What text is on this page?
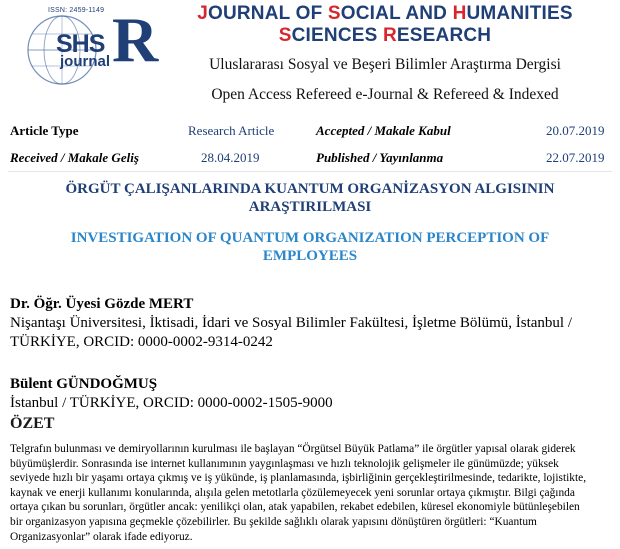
ISSN: 2459-1149
SHS
journal R	JOURNAL OF SOCIAL AND HUMANITIES
SCIENCES RESEARCH
Uluslararası Sosyal ve Beşeri Bilimler Araştırma Dergisi
Open Access Refereed e-Journal & Refereed & Indexed
Article Type	Research Article	Accepted / Makale Kabul	20.07.2019
Received / Makale Geliş	28.04.2019	Published / Yayınlanma	22.07.2019
ÖRGÜT ÇALIŞANLARINDA KUANTUM ORGANİZASYON ALGISININ
ARAŞTIRILMASI
INVESTIGATION OF QUANTUM ORGANIZATION PERCEPTION OF
EMPLOYEES
Dr. Öğr. Üyesi Gözde MERT
Nişantaşı Üniversitesi, İktisadi, İdari ve Sosyal Bilimler Fakültesi, İşletme Bölümü, İstanbul /
TÜRKİYE, ORCID: 0000-0002-9314-0242
Bülent GÜNDOĞMUŞ
İstanbul / TÜRKİYE, ORCID: 0000-0002-1505-9000
ÖZET
Telgrafın bulunması ve demiryollarının kurulması ile başlayan “Örgütsel Büyük Patlama” ile örgütler yapısal olarak giderek
büyümüşlerdir. Sonrasında ise internet kullanımının yaygınlaşması ve hızlı teknolojik gelişmeler ile günümüzde; yüksek
seviyede hızlı bir yaşamı ortaya çıkmış ve iş yükünde, iş planlamasında, işbirliğinin gerçekleştirilmesinde, tedarikte, lojistikte,
kaynak ve enerji kullanımı konularında, alışıla gelen metotlarla çözülemeyecek yeni sorunlar ortaya çıkmıştır. Bilgi çağında
ortaya çıkan bu sorunları, örgütler ancak: yenilikçi olan, atak yapabilen, rekabet edebilen, küresel ekonomiyle bütünleşebilen
bir organizasyon yapısına geçmekle çözebilirler. Bu şekilde sağlıklı olarak yapısını dönüştüren örgütleri: “Kuantum
Organizasyonlar” olarak ifade ediyoruz.
